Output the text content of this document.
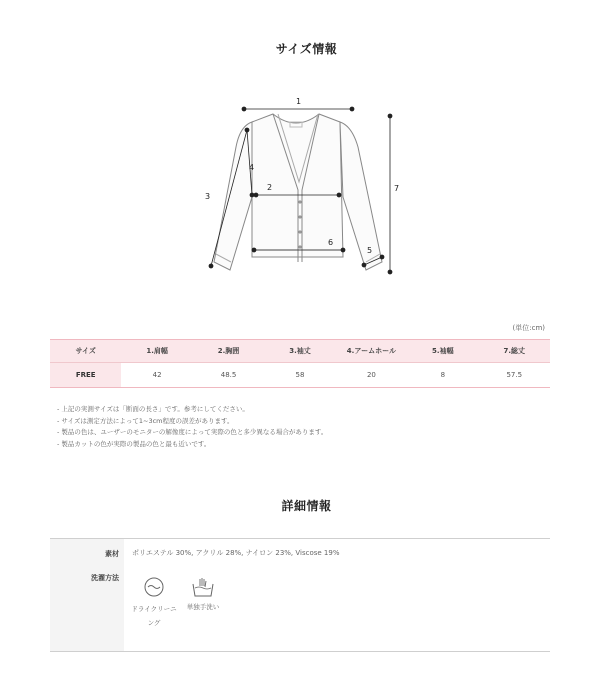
サイズ情報
1
2
3
4
5
6
7
(単位:cm)
サイズ	1.肩幅	2.胸囲	3.袖丈	4.アームホール	5.袖幅	7.総丈
FREE	42	48.5	58	20	8	57.5
- 上記の実測サイズは「断面の長さ」です。参考にしてください。
- サイズは測定方法によって1~3cm程度の誤差があります。
- 製品の色は、ユーザーのモニターの解像度によって実際の色と多少異なる場合があります。
- 製品カットの色が実際の製品の色と最も近いです。
詳細情報
素材 ポリエステル 30%, アクリル 28%, ナイロン 23%, Viscose 19%
洗濯方法
ドライクリーニング
単独手洗い
